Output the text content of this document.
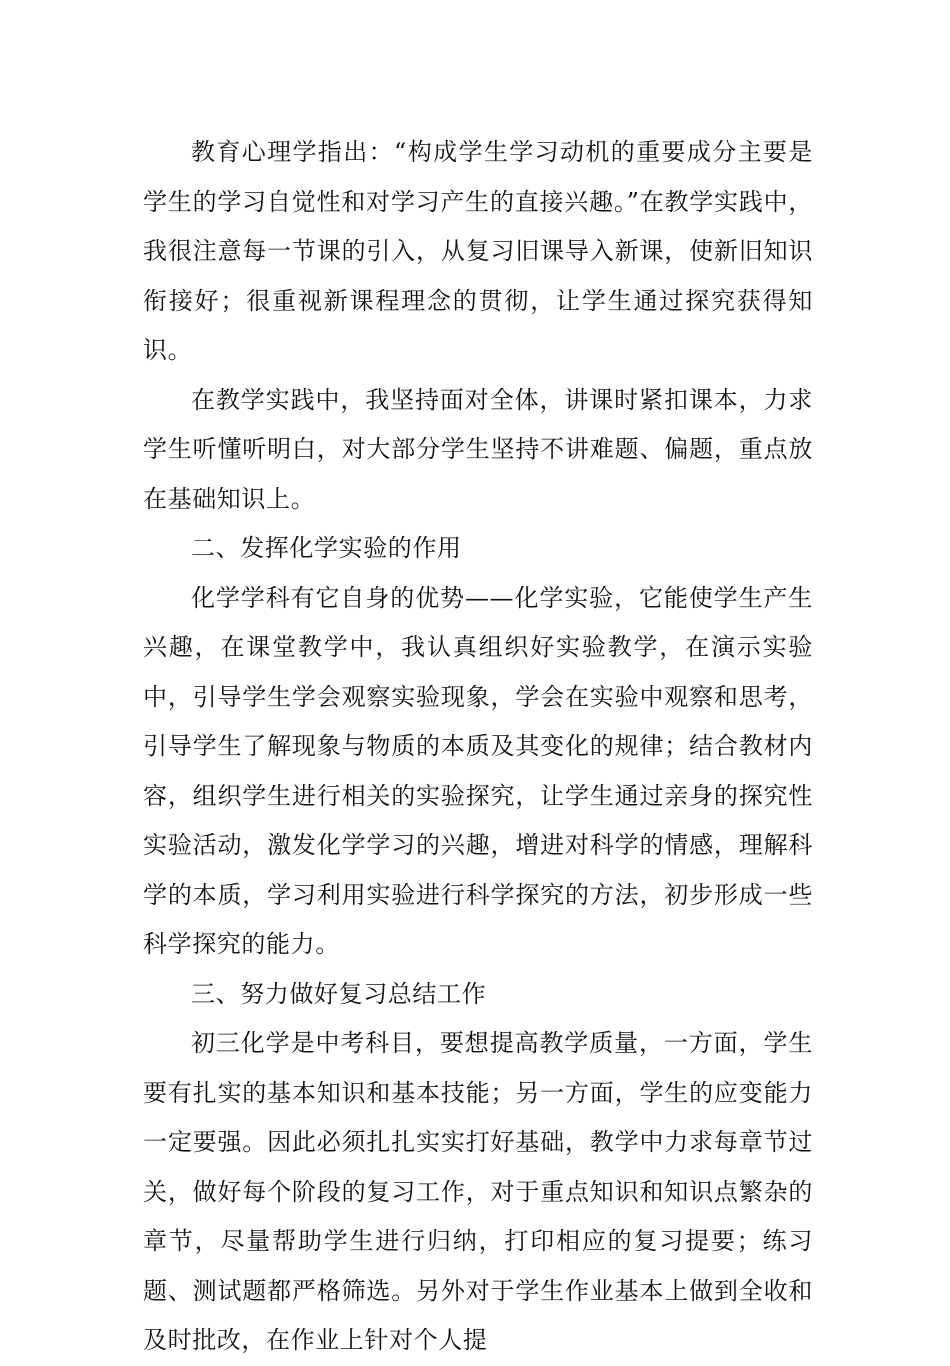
教育心理学指出：“构成学生学习动机的重要成分主要是学生的学习自觉性和对学习产生的直接兴趣。”在教学实践中，我很注意每一节课的引入，从复习旧课导入新课，使新旧知识衔接好；很重视新课程理念的贯彻，让学生通过探究获得知识。

在教学实践中，我坚持面对全体，讲课时紧扣课本，力求学生听懂听明白，对大部分学生坚持不讲难题、偏题，重点放在基础知识上。

二、发挥化学实验的作用

化学学科有它自身的优势——化学实验，它能使学生产生兴趣，在课堂教学中，我认真组织好实验教学，在演示实验中，引导学生学会观察实验现象，学会在实验中观察和思考，引导学生了解现象与物质的本质及其变化的规律；结合教材内容，组织学生进行相关的实验探究，让学生通过亲身的探究性实验活动，激发化学学习的兴趣，增进对科学的情感，理解科学的本质，学习利用实验进行科学探究的方法，初步形成一些科学探究的能力。

三、努力做好复习总结工作

初三化学是中考科目，要想提高教学质量，一方面，学生要有扎实的基本知识和基本技能；另一方面，学生的应变能力一定要强。因此必须扎扎实实打好基础，教学中力求每章节过关，做好每个阶段的复习工作，对于重点知识和知识点繁杂的章节，尽量帮助学生进行归纳，打印相应的复习提要；练习题、测试题都严格筛选。另外对于学生作业基本上做到全收和及时批改，在作业上针对个人提
